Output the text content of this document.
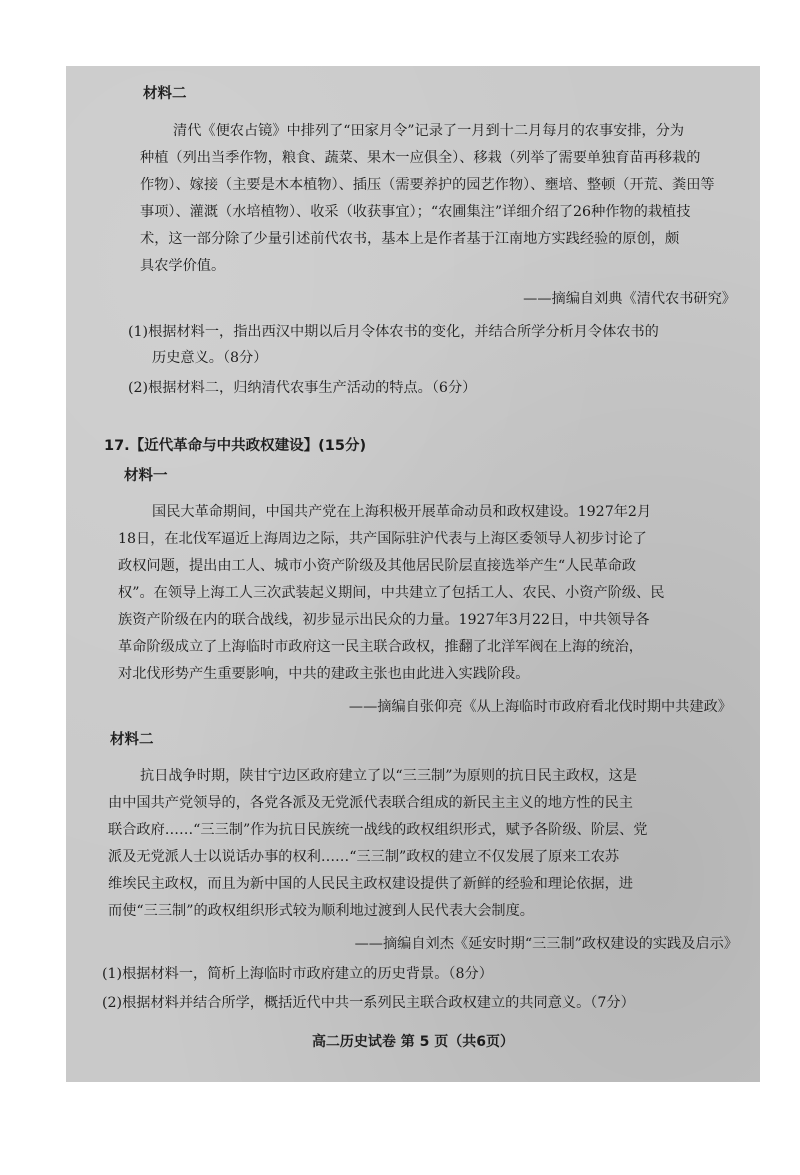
材料二
清代《便农占镜》中排列了“田家月令”记录了一月到十二月每月的农事安排，分为
种植（列出当季作物，粮食、蔬菜、果木一应俱全）、移栽（列举了需要单独育苗再移栽的
作物）、嫁接（主要是木本植物）、插压（需要养护的园艺作物）、壅培、整顿（开荒、粪田等
事项）、灌溉（水培植物）、收采（收获事宜）；“农圃集注”详细介绍了26种作物的栽植技
术，这一部分除了少量引述前代农书，基本上是作者基于江南地方实践经验的原创，颇
具农学价值。
——摘编自刘典《清代农书研究》
(1)根据材料一，指出西汉中期以后月令体农书的变化，并结合所学分析月令体农书的
历史意义。（8分）
(2)根据材料二，归纳清代农事生产活动的特点。（6分）
17.【近代革命与中共政权建设】(15分)
材料一
国民大革命期间，中国共产党在上海积极开展革命动员和政权建设。1927年2月
18日，在北伐军逼近上海周边之际，共产国际驻沪代表与上海区委领导人初步讨论了
政权问题，提出由工人、城市小资产阶级及其他居民阶层直接选举产生“人民革命政
权”。在领导上海工人三次武装起义期间，中共建立了包括工人、农民、小资产阶级、民
族资产阶级在内的联合战线，初步显示出民众的力量。1927年3月22日，中共领导各
革命阶级成立了上海临时市政府这一民主联合政权，推翻了北洋军阀在上海的统治，
对北伐形势产生重要影响，中共的建政主张也由此进入实践阶段。
——摘编自张仰亮《从上海临时市政府看北伐时期中共建政》
材料二
抗日战争时期，陕甘宁边区政府建立了以“三三制”为原则的抗日民主政权，这是
由中国共产党领导的，各党各派及无党派代表联合组成的新民主主义的地方性的民主
联合政府……“三三制”作为抗日民族统一战线的政权组织形式，赋予各阶级、阶层、党
派及无党派人士以说话办事的权利……“三三制”政权的建立不仅发展了原来工农苏
维埃民主政权，而且为新中国的人民民主政权建设提供了新鲜的经验和理论依据，进
而使“三三制”的政权组织形式较为顺利地过渡到人民代表大会制度。
——摘编自刘杰《延安时期“三三制”政权建设的实践及启示》
(1)根据材料一，简析上海临时市政府建立的历史背景。（8分）
(2)根据材料并结合所学，概括近代中共一系列民主联合政权建立的共同意义。（7分）
高二历史试卷 第 5 页（共6页）
